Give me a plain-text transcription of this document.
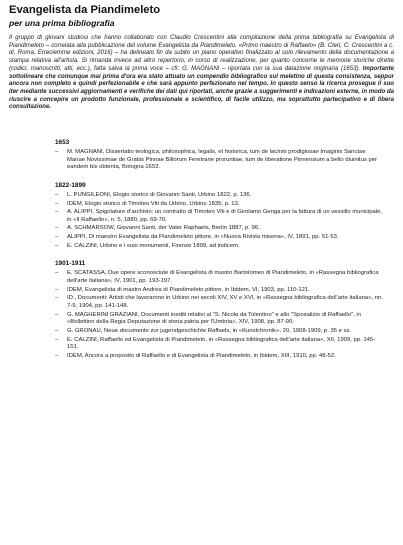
Evangelista da Piandimeleto
per una prima bibliografia

Il gruppo di giovani studiosi che hanno collaborato con Claudio Crescentini alla compilazione della prima bibliografia su Evangelista di Piandimeleto – correlata alla pubblicazione del volume Evangelista da Piandimeleto. «Primo maestro di Raffaelo» (B. Cleri, C. Crescentini a c. di, Roma, Erreciemme edizioni, 2016) – ha delineato fin da subito un piano operativo finalizzato al solo rilevamento della documentazione a stampa relativa all'artista. Si rimanda invece ad altro repertorio, in corso di realizzazione, per quanto concerne le memorie storiche dirette (codici, manoscritti, atti, ecc.), fatta salva la prima voce – cfr. G. MAGNANI – riportata con la sua datazione originaria (1653). Importante sottolineare che comunque mai prima d'ora era stato attuato un compendio bibliografico sul meletino di questa consistenza, seppur ancora non completo e quindi perfezionabile e che sarà appunto perfezionato nel tempo. In questo senso la ricerca prosegue il suo iter mediante successivi aggiornamenti e verifiche dei dati qui riportati, anche grazie a suggerimenti e indicazioni esterne, in modo da riuscire a concepire un prodotto funzionale, professionale e scientifico, di facile utilizzo, ma soprattutto partecipativo e di libera consultazione.

1653
– M. MAGNANI, Dissertatio teologica, philosophica, legalis, et historica, tum de lacrimi prodigiosae Imaginis Sanctae Mariae Novissimae de Gratiis Pinnae Billorum Feretrane proruntiae, tum de liberatione Pinnensium a bello diuinitus per eandem bis obtenta, Bologna 1653.
1822-1899
– L. PUNGILEONI, Elogio storico di Giovanni Santi, Urbino 1822, p. 136.
– IDEM, Elogio storico di Timoteo Viti da Urbino, Urbino 1835, p. 13.
– A. ALIPPI, Spigolature d'archivio: un contratto di Timoteo Viti e di Girolamo Genga per la fattura di un vessillo municipale, in «Il Raffaello», n. 5, 1880, pp. 69-70.
– A. SCHMARSOW, Giovanni Santi, der Vater Raphaels, Berlin 1887, p. 96.
– ALIPPI, Di maestro Evangelista da Piandimeleto pittore, in «Nuova Rivista misena», IV, 1891, pp. 51-53.
– E. CALZINI, Urbino e i suoi monumenti, Firenze 1899, ad indicem.
1901-1911
– E. SCATASSA, Due opere sconosciute di Evangelista di mastro Bartolomeo di Piandimeleto, in «Rassegna bibliografica dell'arte italiana», IV, 1901, pp. 193-197.
– IDEM, Evangelista di mastro Andrea di Piandimeleto pittore, in Ibidem, VI, 1903, pp. 110-121.
– ID., Documenti: Artisti che lavorarono in Urbino nei secoli XIV, XV e XVI, in «Rassegna bibliografica dell'arte italiana», nn. 7-9, 1904, pp. 141-148.
– G. MAGHERINI GRAZIANI, Documenti inediti relativi al "S. Nicola da Tolentino" e allo "Sposalizio di Raffaello", in «Bollettino della Regia Deputazione di storia patria per l'Umbria», XIV, 1908, pp. 87-90.
– G. GRONAU, Neue documente zur jugendgeschichte Raffaels, in «Kunstchronik», 20, 1908-1909, p. 35 e ss.
– E. CALZINI, Raffaello ed Evangelista di Piandimeleto, in «Rassegna bibliografica dell'arte italiana», XII, 1909, pp. 145-151.
– IDEM, Ancora a proposito di Raffaello e di Evangelista di Piandimeleto, in Ibidem, XIII, 1910, pp. 48-52.
